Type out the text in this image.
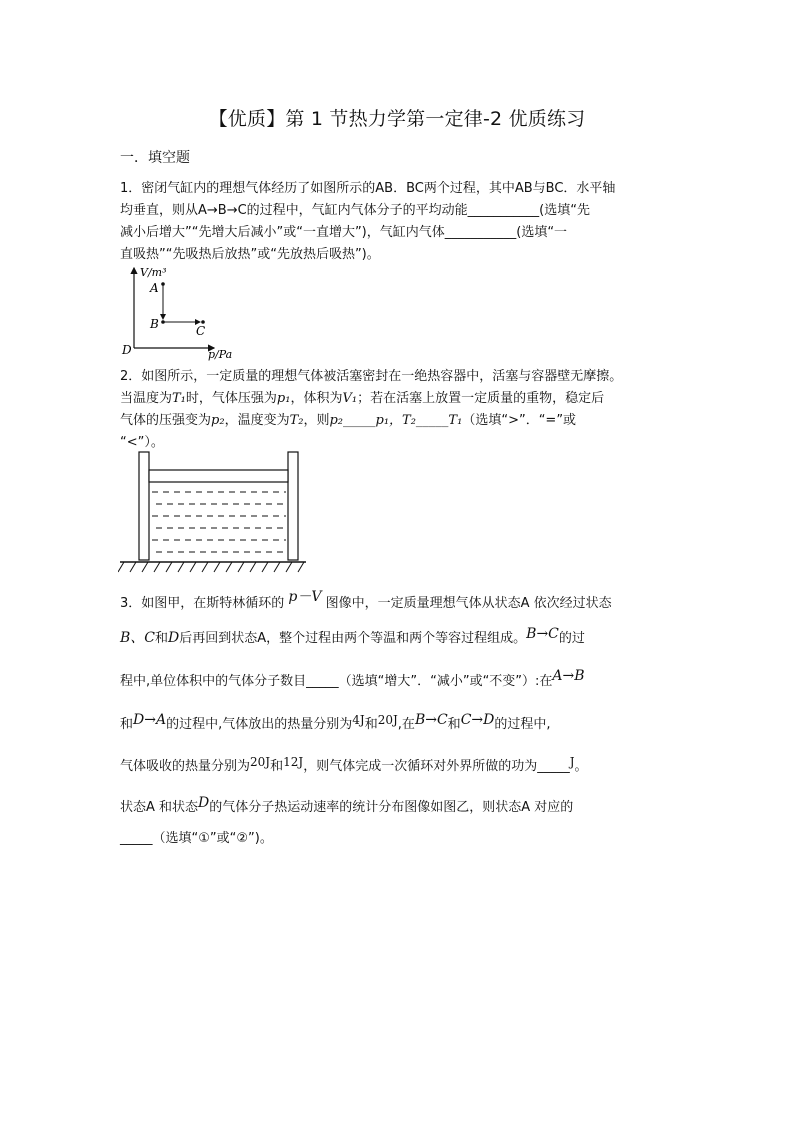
【优质】第 1 节热力学第一定律-2 优质练习
一．填空题
1．密闭气缸内的理想气体经历了如图所示的AB．BC两个过程，其中AB与BC．水平轴
均垂直，则从A→B→C的过程中，气缸内气体分子的平均动能___________(选填“先
减小后增大”“先增大后减小”或“一直增大”)，气缸内气体___________(选填“一
直吸热”“先吸热后放热”或“先放热后吸热”)。
V/m³
p/Pa
D
A
B	C
2．如图所示，一定质量的理想气体被活塞密封在一绝热容器中，活塞与容器壁无摩擦。
当温度为T₁时，气体压强为p₁，体积为V₁；若在活塞上放置一定质量的重物，稳定后
气体的压强变为p₂，温度变为T₂，则p₂_____p₁，T₂_____T₁（选填“>”．“=”或
“<”）。
3．如图甲，在斯特林循环的 p－V 图像中，一定质量理想气体从状态A 依次经过状态
B、C和D后再回到状态A，整个过程由两个等温和两个等容过程组成。B→C的过
程中,单位体积中的气体分子数目_____（选填“增大”．“减小”或“不变”）:在A→B
和D→A的过程中,气体放出的热量分别为4J和20J,在B→C和C→D的过程中,
气体吸收的热量分别为20J和12J，则气体完成一次循环对外界所做的功为_____J。
状态A 和状态D的气体分子热运动速率的统计分布图像如图乙，则状态A 对应的
_____（选填“①”或“②”)。
